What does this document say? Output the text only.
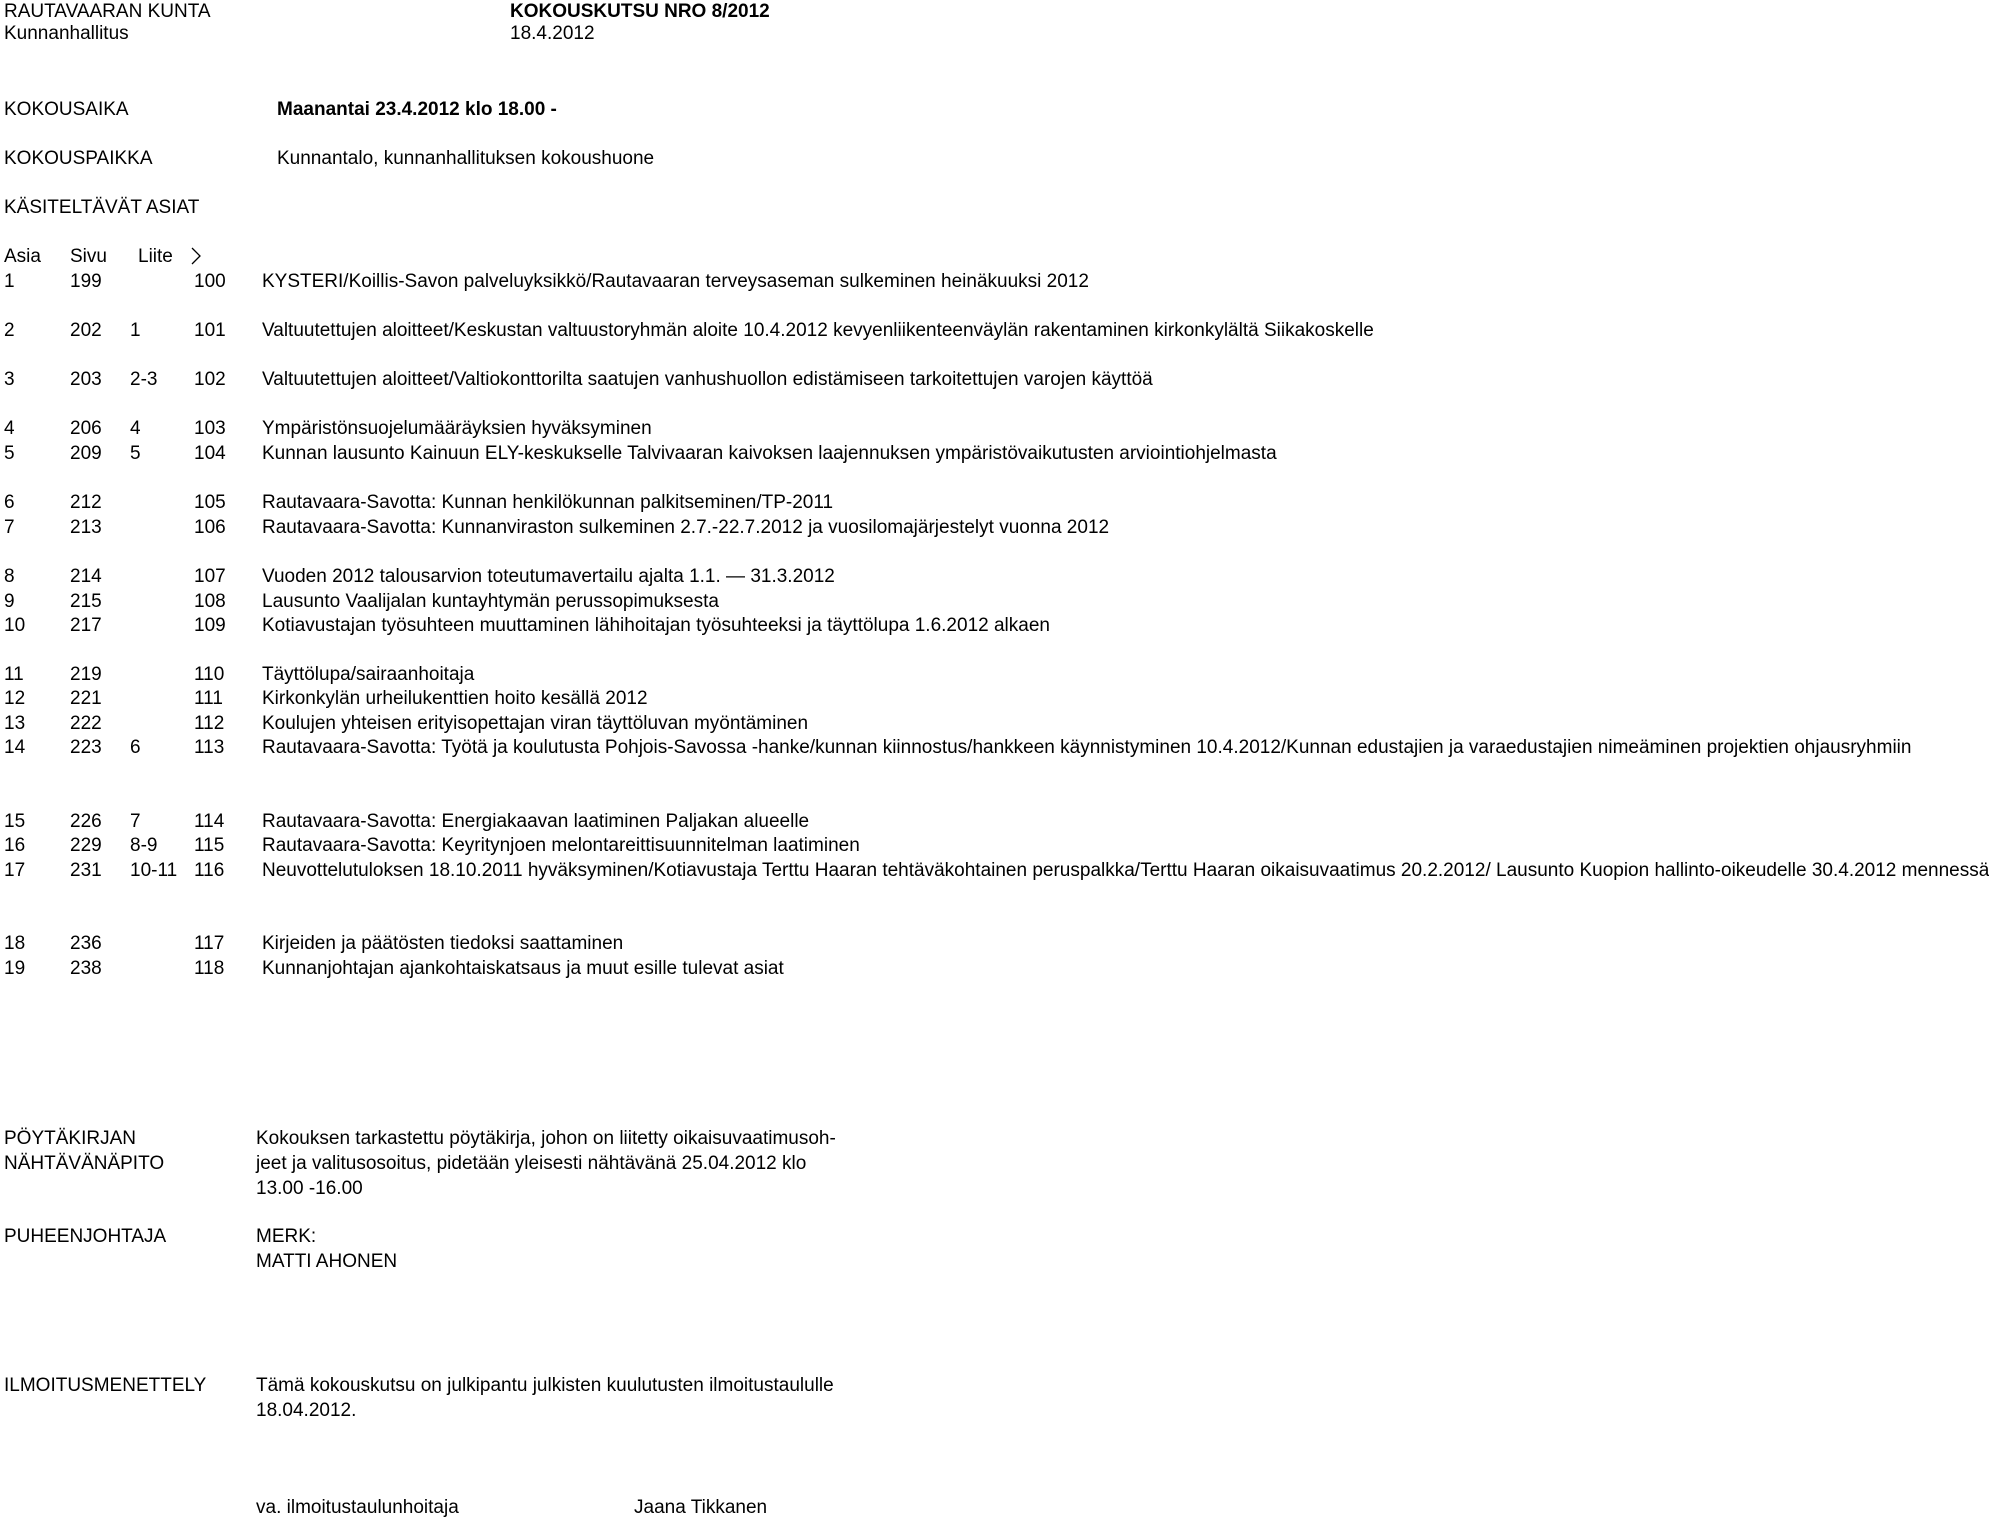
RAUTAVAARAN KUNTA	KOKOUSKUTSU NRO 8/2012
Kunnanhallitus	18.4.2012
KOKOUSAIKA	Maanantai 23.4.2012 klo 18.00 -
KOKOUSPAIKKA	Kunnantalo, kunnanhallituksen kokoushuone
KÄSITELTÄVÄT ASIAT
Asia Sivu Liite
1	199	100 KYSTERI/Koillis-Savon palveluyksikkö/Rautavaaran terveysaseman sulkeminen heinäkuuksi 2012
2	202 1	101 Valtuutettujen aloitteet/Keskustan valtuustoryhmän aloite 10.4.2012 kevyenliikenteenväylän rakentaminen kirkonkylältä Siikakoskelle
3	203 2-3 102 Valtuutettujen aloitteet/Valtiokonttorilta saatujen vanhushuollon edistämiseen tarkoitettujen varojen käyttöä
4	206 4	103 Ympäristönsuojelumääräyksien hyväksyminen
5	209 5	104 Kunnan lausunto Kainuun ELY-keskukselle Talvivaaran kaivoksen laajennuksen ympäristövaikutusten arviointiohjelmasta
6	212	105 Rautavaara-Savotta: Kunnan henkilökunnan palkitseminen/TP-2011
7	213	106 Rautavaara-Savotta: Kunnanviraston sulkeminen 2.7.-22.7.2012 ja vuosilomajärjestelyt vuonna 2012
8	214	107 Vuoden 2012 talousarvion toteutumavertailu ajalta 1.1. — 31.3.2012
9	215	108 Lausunto Vaalijalan kuntayhtymän perussopimuksesta
10 217	109 Kotiavustajan työsuhteen muuttaminen lähihoitajan työsuhteeksi ja täyttölupa 1.6.2012 alkaen
11 219	110 Täyttölupa/sairaanhoitaja
12 221	111 Kirkonkylän urheilukenttien hoito kesällä 2012
13 222	112 Koulujen yhteisen erityisopettajan viran täyttöluvan myöntäminen
14 223 6	113 Rautavaara-Savotta: Työtä ja koulutusta Pohjois-Savossa -hanke/kunnan kiinnostus/hankkeen käynnistyminen 10.4.2012/Kunnan edustajien ja varaedustajien nimeäminen projektien ohjausryhmiin
15 226 7	114 Rautavaara-Savotta: Energiakaavan laatiminen Paljakan alueelle
16 229 8-9 115 Rautavaara-Savotta: Keyritynjoen melontareittisuunnitelman laatiminen
17 231 10-11 116 Neuvottelutuloksen 18.10.2011 hyväksyminen/Kotiavustaja Terttu Haaran tehtäväkohtainen peruspalkka/Terttu Haaran oikaisuvaatimus 20.2.2012/ Lausunto Kuopion hallinto-oikeudelle 30.4.2012 mennessä
18 236	117 Kirjeiden ja päätösten tiedoksi saattaminen
19 238	118 Kunnanjohtajan ajankohtaiskatsaus ja muut esille tulevat asiat
PÖYTÄKIRJAN
NÄHTÄVÄNÄPITO
Kokouksen tarkastettu pöytäkirja, johon on liitetty oikaisuvaatimusoh-
jeet ja valitusosoitus, pidetään yleisesti nähtävänä 25.04.2012 klo
13.00 -16.00
PUHEENJOHTAJA	MERK:
MATTI AHONEN
ILMOITUSMENETTELY	Tämä kokouskutsu on julkipantu julkisten kuulutusten ilmoitustaululle
18.04.2012.
va. ilmoitustaulunhoitaja	Jaana Tikkanen
